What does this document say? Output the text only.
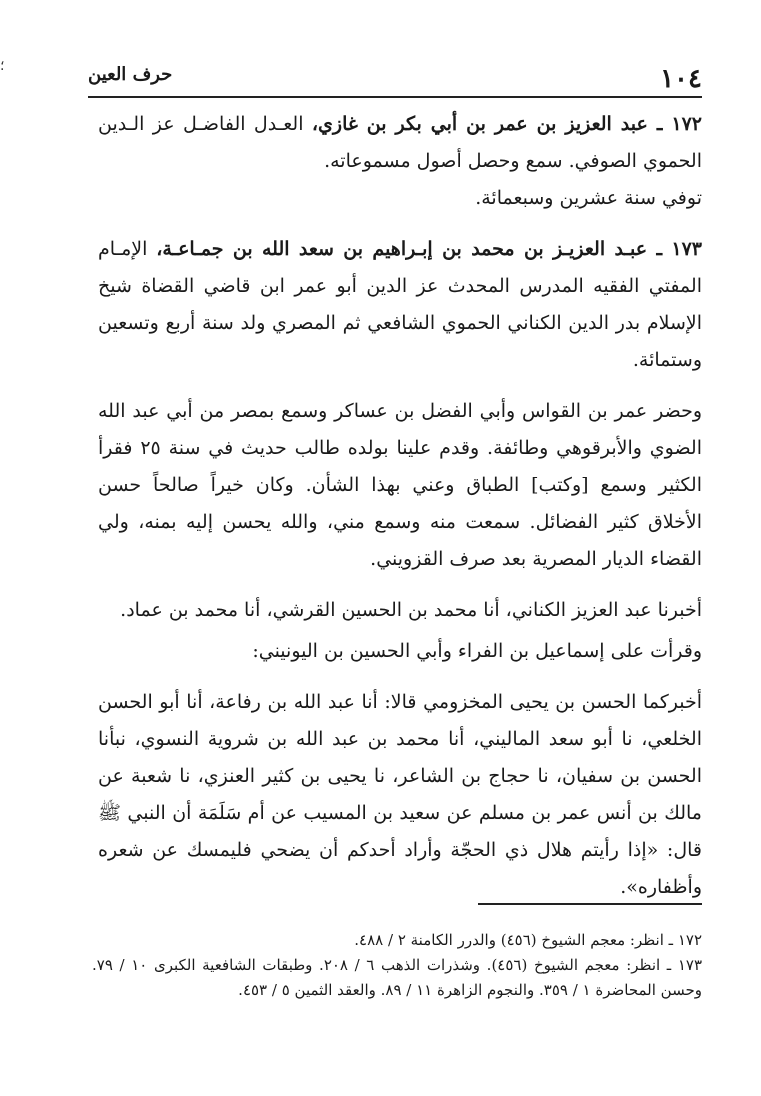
؛	١٠٤
حرف العين

١٧٢ ـ عبد العزيز بن عمر بن أبي بكر بن غازي، العـدل الفاضـل عز الـدين الحموي الصوفي. سمع وحصل أصول مسموعاته.

توفي سنة عشرين وسبعمائة.

١٧٣ ـ عبـد العزيـز بن محمد بن إبـراهيم بن سعد الله بن جمـاعـة، الإمـام المفتي الفقيه المدرس المحدث عز الدين أبو عمر ابن قاضي القضاة شيخ الإسلام بدر الدين الكناني الحموي الشافعي ثم المصري ولد سنة أربع وتسعين وستمائة.

وحضر عمر بن القواس وأبي الفضل بن عساكر وسمع بمصر من أبي عبد الله الضوي والأبرقوهي وطائفة. وقدم علينا بولده طالب حديث في سنة ٢٥ فقرأ الكثير وسمع [وكتب] الطباق وعني بهذا الشأن. وكان خيراً صالحاً حسن الأخلاق كثير الفضائل. سمعت منه وسمع مني، والله يحسن إليه بمنه، ولي القضاء الديار المصرية بعد صرف القزويني.

أخبرنا عبد العزيز الكناني، أنا محمد بن الحسين القرشي، أنا محمد بن عماد.

وقرأت على إسماعيل بن الفراء وأبي الحسين بن اليونيني:

أخبركما الحسن بن يحيى المخزومي قالا: أنا عبد الله بن رفاعة، أنا أبو الحسن الخلعي، نا أبو سعد الماليني، أنا محمد بن عبد الله بن شروية النسوي، نبأنا الحسن بن سفيان، نا حجاج بن الشاعر، نا يحيى بن كثير العنزي، نا شعبة عن مالك بن أنس عمر بن مسلم عن سعيد بن المسيب عن أم سَلَمَة أن النبي ﷺ قال: «إذا رأيتم هلال ذي الحجّة وأراد أحدكم أن يضحي فليمسك عن شعره وأظفاره».

١٧٢ ـ انظر: معجم الشيوخ (٤٥٦) والدرر الكامنة ٢ / ٤٨٨.

١٧٣ ـ انظر: معجم الشيوخ (٤٥٦). وشذرات الذهب ٦ / ٢٠٨. وطبقات الشافعية الكبرى ١٠ / ٧٩. وحسن المحاضرة ١ / ٣٥٩. والنجوم الزاهرة ١١ / ٨٩. والعقد الثمين ٥ / ٤٥٣.
